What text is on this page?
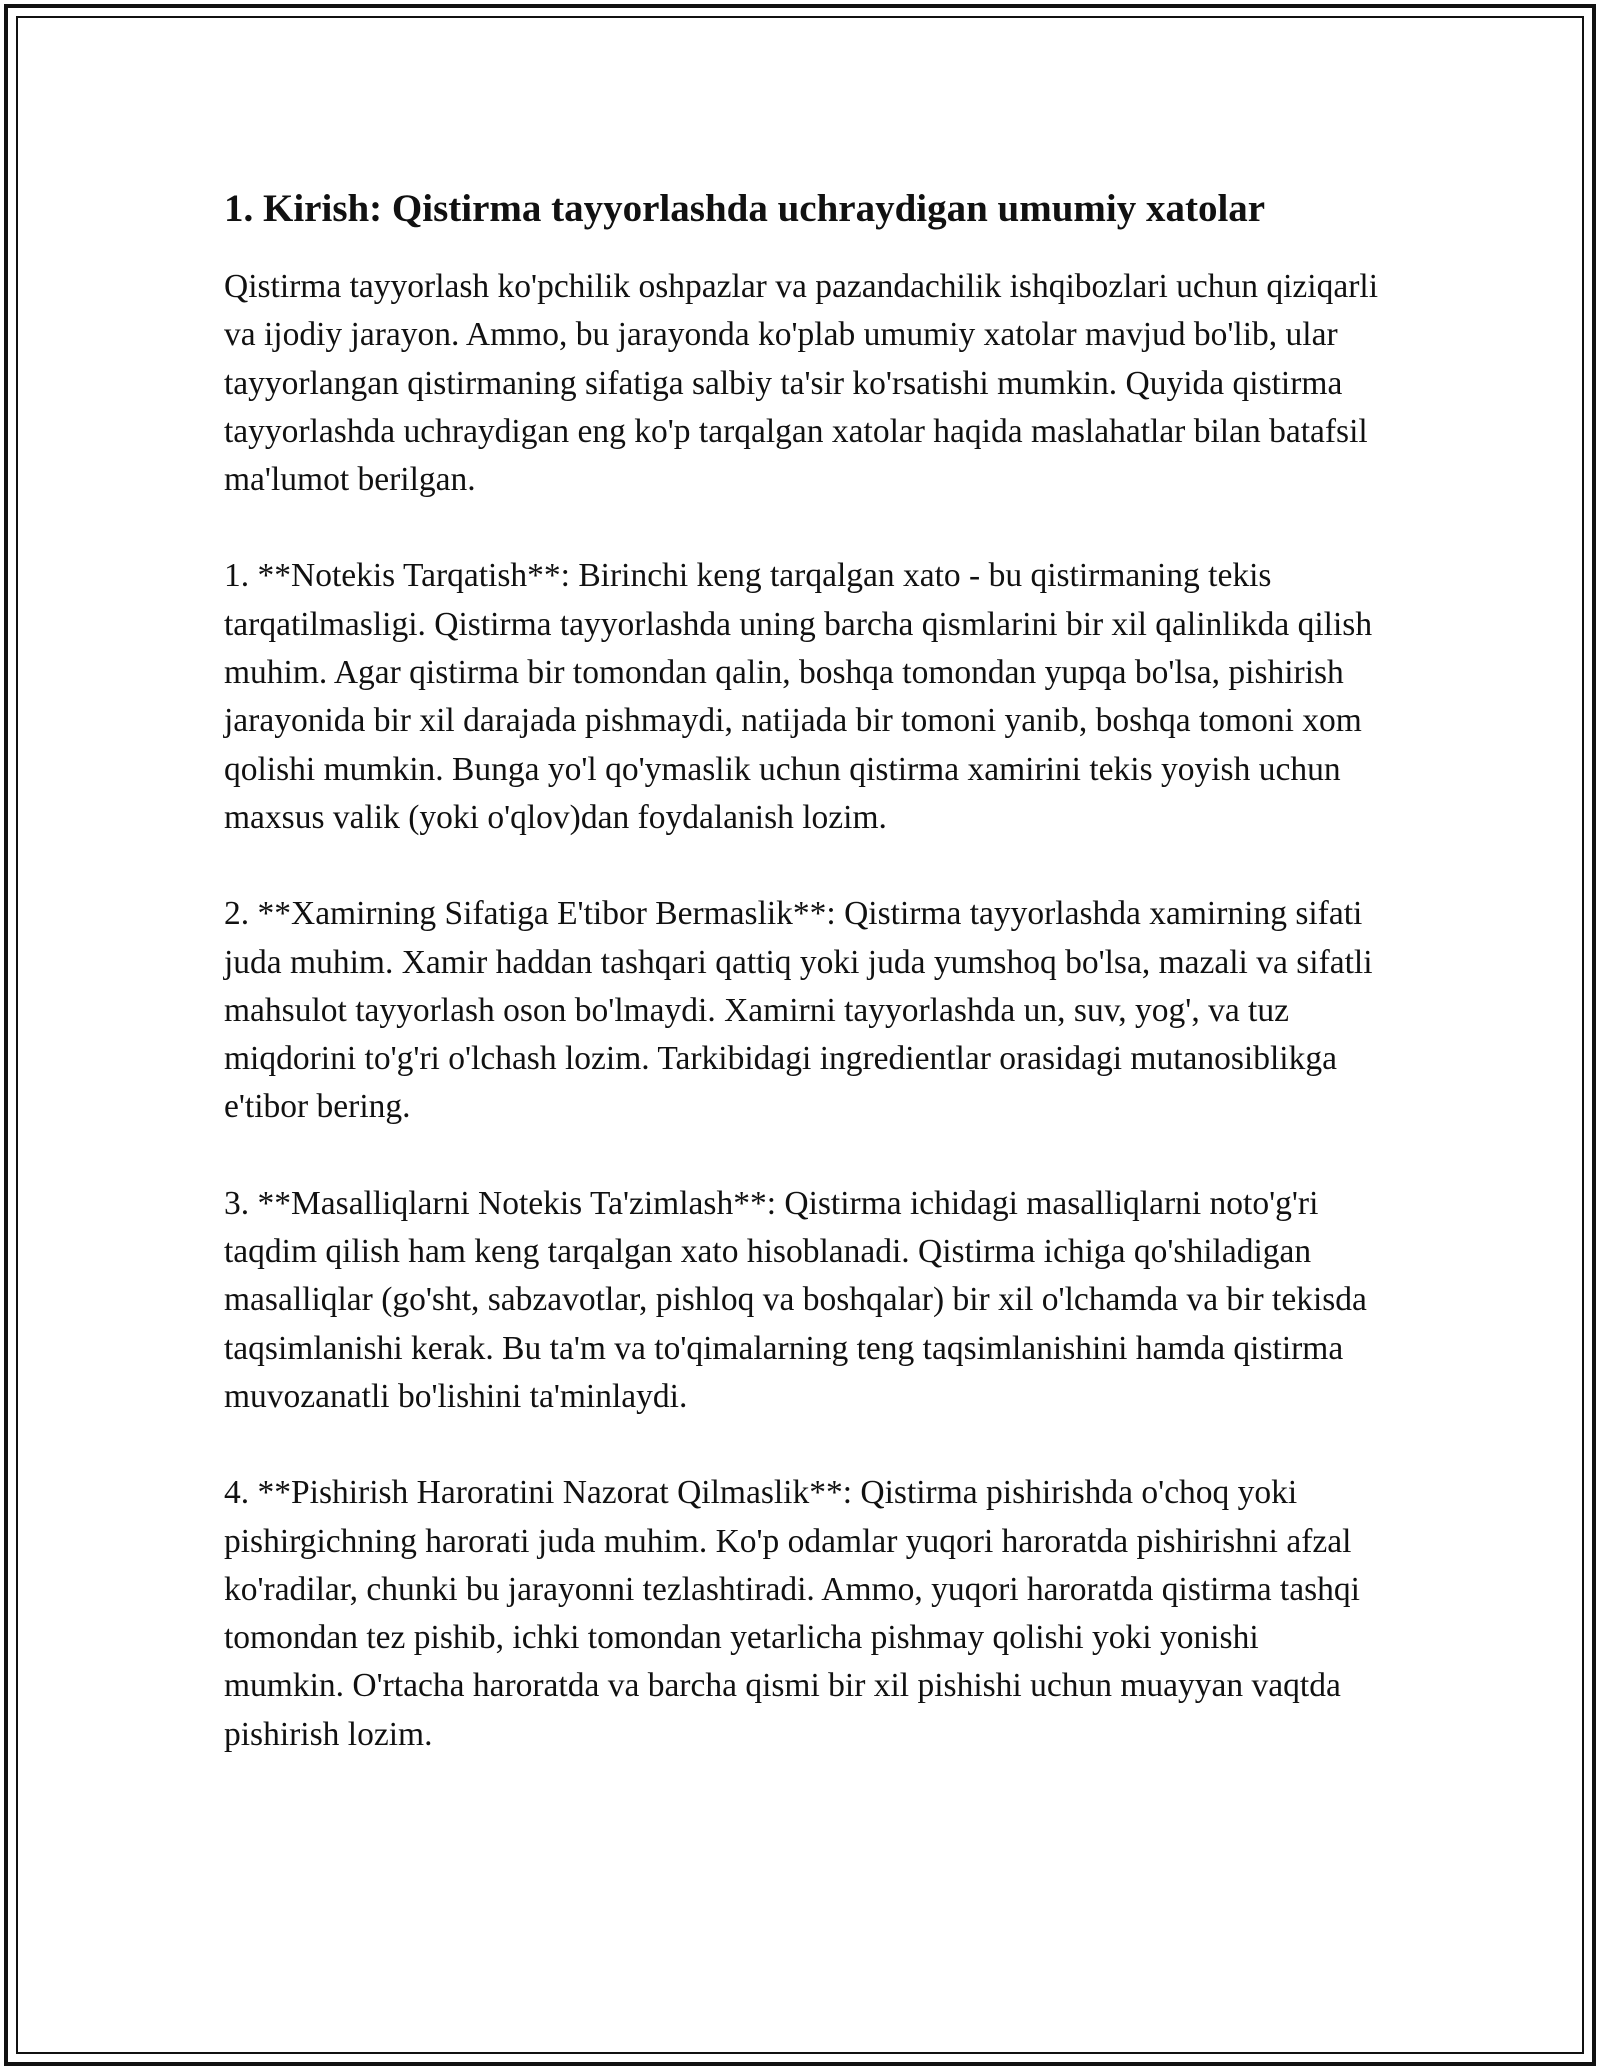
1. Kirish: Qistirma tayyorlashda uchraydigan umumiy xatolar

Qistirma tayyorlash ko'pchilik oshpazlar va pazandachilik ishqibozlari uchun qiziqarli va ijodiy jarayon. Ammo, bu jarayonda ko'plab umumiy xatolar mavjud bo'lib, ular tayyorlangan qistirmaning sifatiga salbiy ta'sir ko'rsatishi mumkin. Quyida qistirma tayyorlashda uchraydigan eng ko'p tarqalgan xatolar haqida maslahatlar bilan batafsil ma'lumot berilgan.

1. **Notekis Tarqatish**: Birinchi keng tarqalgan xato - bu qistirmaning tekis tarqatilmasligi. Qistirma tayyorlashda uning barcha qismlarini bir xil qalinlikda qilish muhim. Agar qistirma bir tomondan qalin, boshqa tomondan yupqa bo'lsa, pishirish jarayonida bir xil darajada pishmaydi, natijada bir tomoni yanib, boshqa tomoni xom qolishi mumkin. Bunga yo'l qo'ymaslik uchun qistirma xamirini tekis yoyish uchun maxsus valik (yoki o'qlov)dan foydalanish lozim.

2. **Xamirning Sifatiga E'tibor Bermaslik**: Qistirma tayyorlashda xamirning sifati juda muhim. Xamir haddan tashqari qattiq yoki juda yumshoq bo'lsa, mazali va sifatli mahsulot tayyorlash oson bo'lmaydi. Xamirni tayyorlashda un, suv, yog', va tuz miqdorini to'g'ri o'lchash lozim. Tarkibidagi ingredientlar orasidagi mutanosiblikga e'tibor bering.

3. **Masalliqlarni Notekis Ta'zimlash**: Qistirma ichidagi masalliqlarni noto'g'ri taqdim qilish ham keng tarqalgan xato hisoblanadi. Qistirma ichiga qo'shiladigan masalliqlar (go'sht, sabzavotlar, pishloq va boshqalar) bir xil o'lchamda va bir tekisda taqsimlanishi kerak. Bu ta'm va to'qimalarning teng taqsimlanishini hamda qistirma muvozanatli bo'lishini ta'minlaydi.

4. **Pishirish Haroratini Nazorat Qilmaslik**: Qistirma pishirishda o'choq yoki pishirgichning harorati juda muhim. Ko'p odamlar yuqori haroratda pishirishni afzal ko'radilar, chunki bu jarayonni tezlashtiradi. Ammo, yuqori haroratda qistirma tashqi tomondan tez pishib, ichki tomondan yetarlicha pishmay qolishi yoki yonishi mumkin. O'rtacha haroratda va barcha qismi bir xil pishishi uchun muayyan vaqtda pishirish lozim.
